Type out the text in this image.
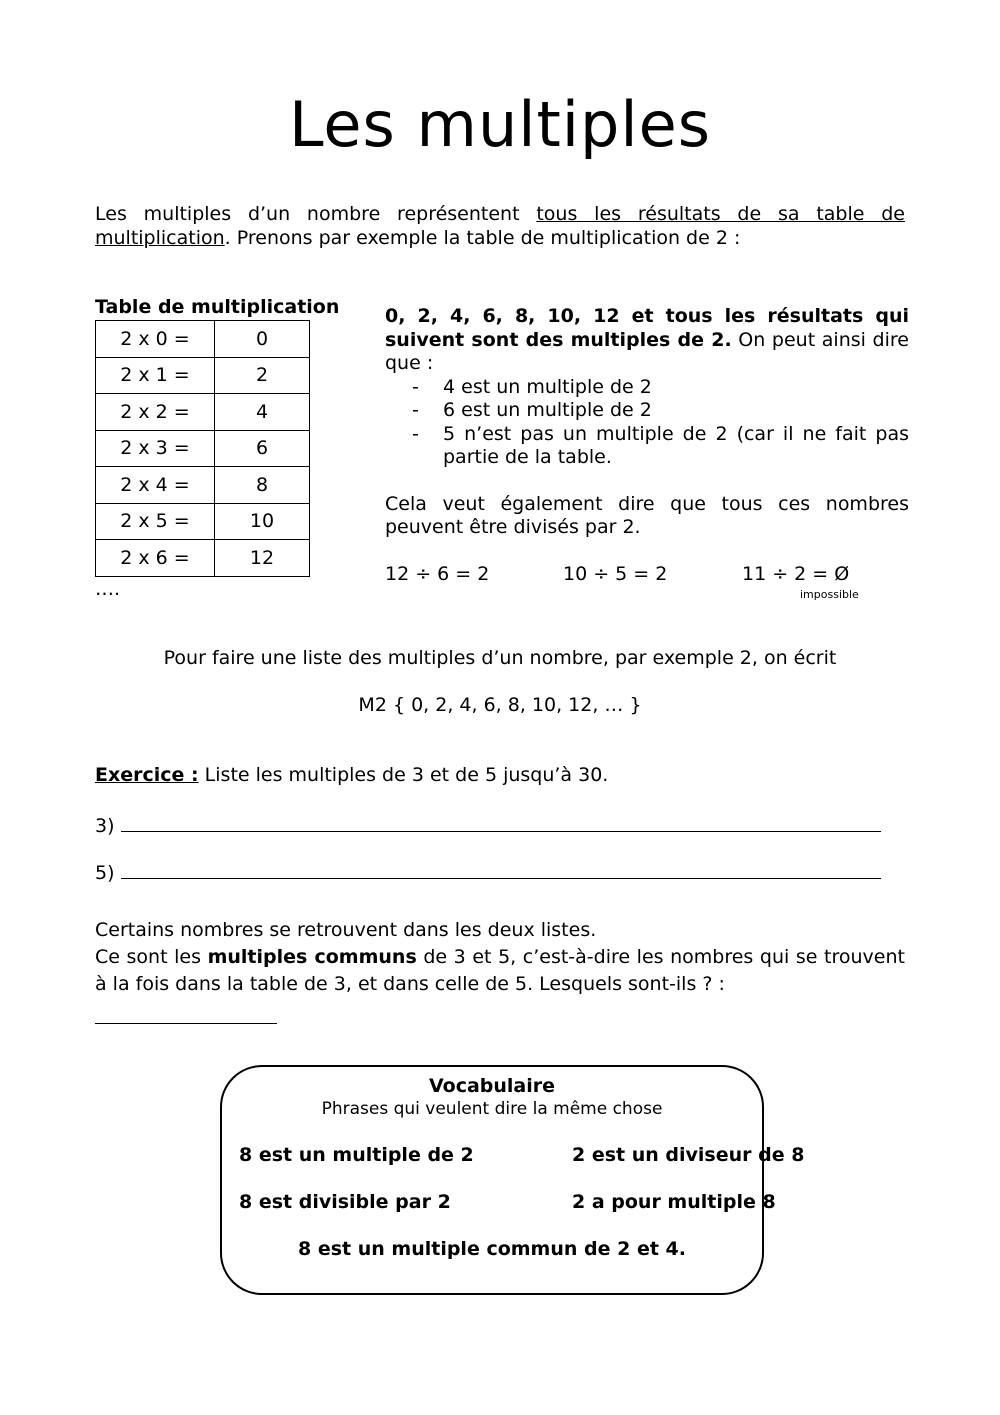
Les multiples
Les multiples d’un nombre représentent tous les résultats de sa table de multiplication. Prenons par exemple la table de multiplication de 2 :
Table de multiplication
2 x 0 =	0
2 x 1 =	2
2 x 2 =	4
2 x 3 =	6
2 x 4 =	8
2 x 5 =	10
2 x 6 =	12
….
0, 2, 4, 6, 8, 10, 12 et tous les résultats qui suivent sont des multiples de 2. On peut ainsi dire que :
- 4 est un multiple de 2
- 6 est un multiple de 2
- 5 n’est pas un multiple de 2 (car il ne fait pas partie de la table.
Cela veut également dire que tous ces nombres peuvent être divisés par 2.
12 ÷ 6 = 2	10 ÷ 5 = 2	11 ÷ 2 = Ø
impossible
Pour faire une liste des multiples d’un nombre, par exemple 2, on écrit
M2 { 0, 2, 4, 6, 8, 10, 12, … }
Exercice : Liste les multiples de 3 et de 5 jusqu’à 30.
3)
5)
Certains nombres se retrouvent dans les deux listes.
Ce sont les multiples communs de 3 et 5, c’est-à-dire les nombres qui se trouvent à la fois dans la table de 3, et dans celle de 5. Lesquels sont-ils ? :
Vocabulaire
Phrases qui veulent dire la même chose
8 est un multiple de 2	2 est un diviseur de 8
8 est divisible par 2	2 a pour multiple 8
8 est un multiple commun de 2 et 4.
